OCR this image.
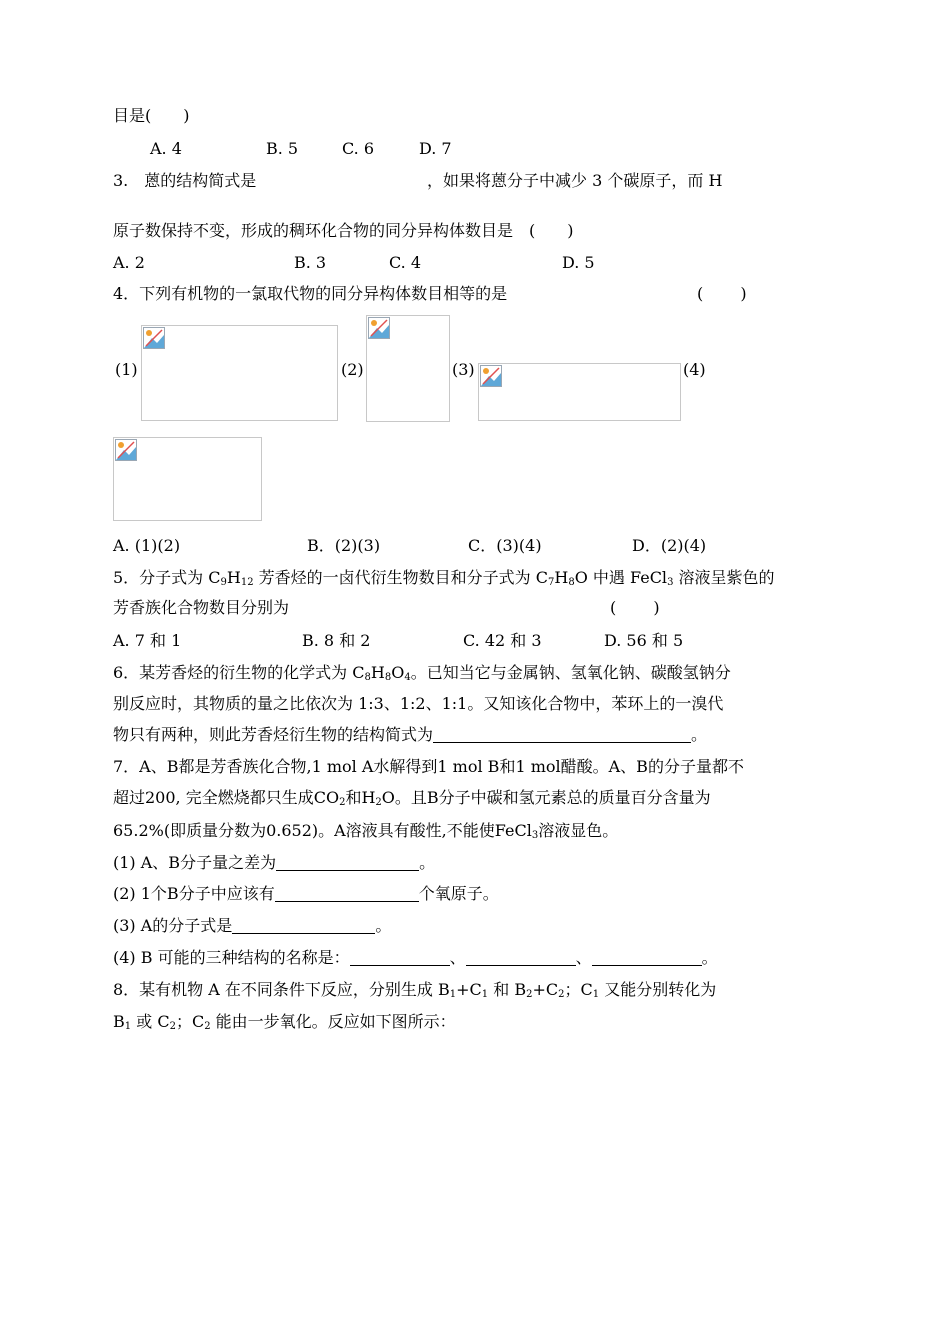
目是(　　)
A. 4	B. 5	C. 6	D. 7
3.　蒽的结构简式是	，如果将蒽分子中减少 3 个碳原子，而 H
原子数保持不变，形成的稠环化合物的同分异构体数目是　(　　)
A. 2	B. 3	C. 4	D. 5
4．下列有机物的一氯取代物的同分异构体数目相等的是	(　　 )
(1)	(2)	(3)	(4)
A. (1)(2)	B．(2)(3)	C．(3)(4)	D．(2)(4)
5．分子式为 $C_9H_{12}$ 芳香烃的一卤代衍生物数目和分子式为 $C_7H_8O$ 中遇 FeCl$_3$ 溶液呈紫色的
芳香族化合物数目分别为	(　　 )
A. 7 和 1	B. 8 和 2	C. 42 和 3	D. 56 和 5
6．某芳香烃的衍生物的化学式为 $C_8H_8O_4$。已知当它与金属钠、氢氧化钠、碳酸氢钠分
别反应时，其物质的量之比依次为 1:3、1:2、1:1。又知该化合物中，苯环上的一溴代
物只有两种，则此芳香烃衍生物的结构简式为	。
7．A、B都是芳香族化合物,1 mol A水解得到1 mol B和1 mol醋酸。A、B的分子量都不
超过200, 完全燃烧都只生成$CO_2$和$H_2O$。且B分子中碳和氢元素总的质量百分含量为
65.2%(即质量分数为0.652)。A溶液具有酸性,不能使FeCl$_3$溶液显色。
(1) A、B分子量之差为	。
(2) 1个B分子中应该有	个氧原子。
(3) A的分子式是	。
(4) B 可能的三种结构的名称是：	、	、	。
8．某有机物 A 在不同条件下反应，分别生成 $B_1+C_1$ 和 $B_2+C_2$；$C_1$ 又能分别转化为
$B_1$ 或 $C_2$；$C_2$ 能由一步氧化。反应如下图所示：
